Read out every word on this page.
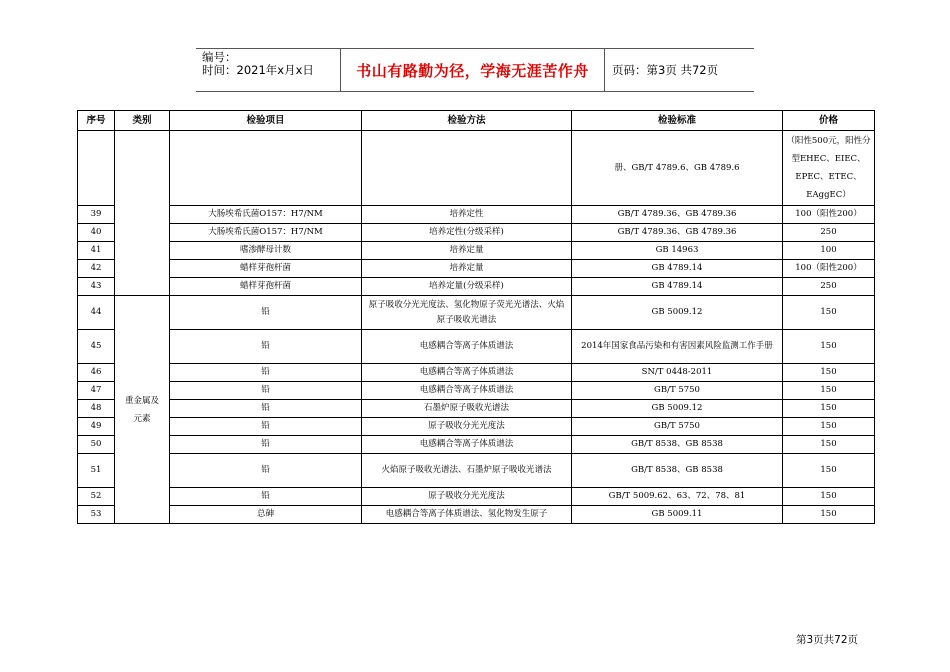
编号：
时间：2021年x月x日	书山有路勤为径，学海无涯苦作舟	页码：第3页 共72页
序号	类别	检验项目	检验方法	检验标准	价格
				册、GB/T 4789.6、GB 4789.6	（阳性500元，阳性分型EHEC、EIEC、EPEC、ETEC、EAggEC）
39		大肠埃希氏菌O157：H7/NM	培养定性	GB/T 4789.36、GB 4789.36	100（阳性200）
40		大肠埃希氏菌O157：H7/NM	培养定性(分级采样)	GB/T 4789.36、GB 4789.36	250
41		嗜渗酵母计数	培养定量	GB 14963	100
42		蜡样芽孢杆菌	培养定量	GB 4789.14	100（阳性200）
43		蜡样芽孢杆菌	培养定量(分级采样)	GB 4789.14	250
44	重金属及元素	铅	原子吸收分光光度法、氢化物原子荧光光谱法、火焰原子吸收光谱法	GB 5009.12	150
45		铅	电感耦合等离子体质谱法	2014年国家食品污染和有害因素风险监测工作手册	150
46		铅	电感耦合等离子体质谱法	SN/T 0448-2011	150
47		铅	电感耦合等离子体质谱法	GB/T 5750	150
48		铅	石墨炉原子吸收光谱法	GB 5009.12	150
49		铅	原子吸收分光光度法	GB/T 5750	150
50		铅	电感耦合等离子体质谱法	GB/T 8538、GB 8538	150
51		铅	火焰原子吸收光谱法、石墨炉原子吸收光谱法	GB/T 8538、GB 8538	150
52		铅	原子吸收分光光度法	GB/T 5009.62、63、72、78、81	150
53		总砷	电感耦合等离子体质谱法、氢化物发生原子	GB 5009.11	150
第3页共72页
